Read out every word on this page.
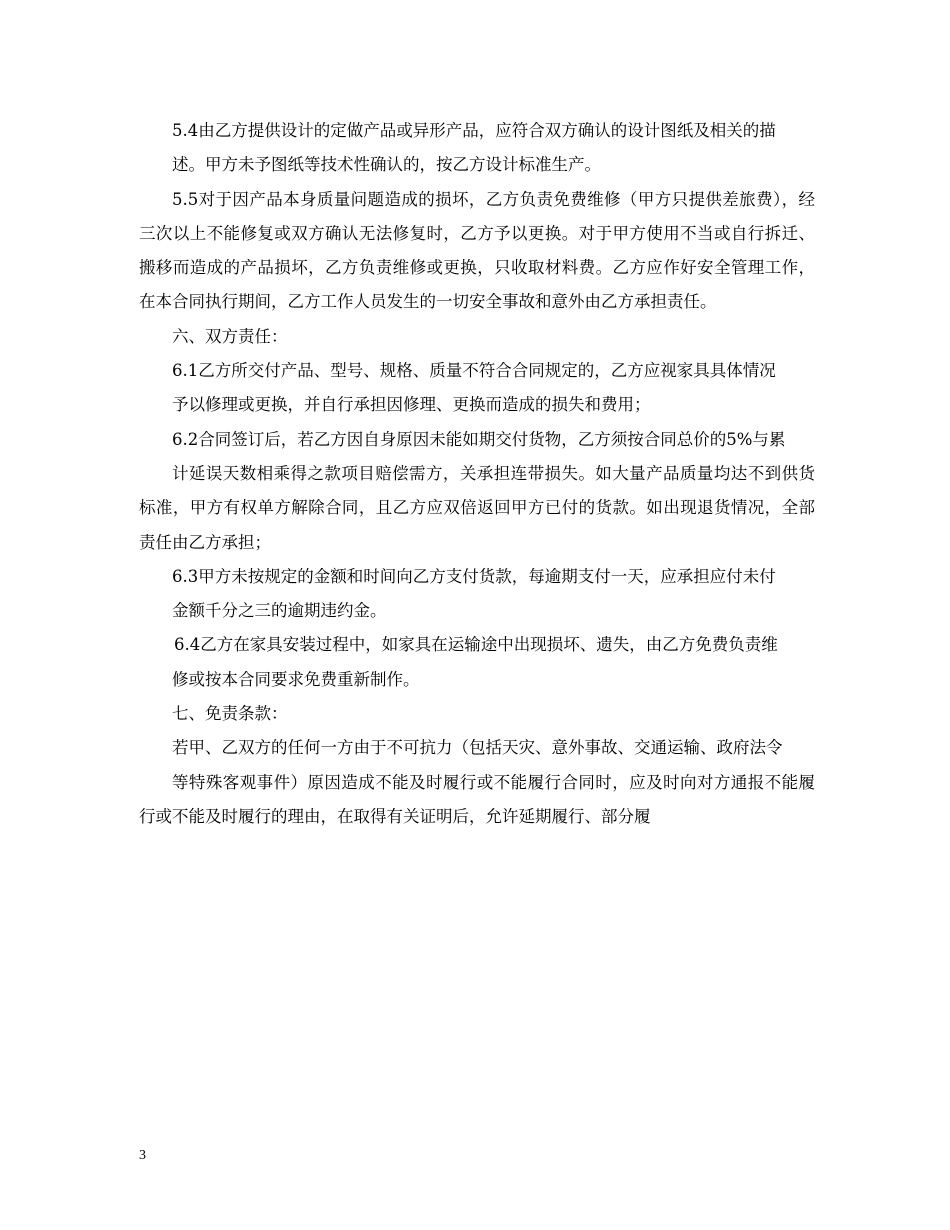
5.4由乙方提供设计的定做产品或异形产品，应符合双方确认的设计图纸及相关的描

述。甲方未予图纸等技术性确认的，按乙方设计标准生产。

5.5对于因产品本身质量问题造成的损坏，乙方负责免费维修（甲方只提供差旅费），经三次以上不能修复或双方确认无法修复时，乙方予以更换。对于甲方使用不当或自行拆迁、搬移而造成的产品损坏，乙方负责维修或更换，只收取材料费。乙方应作好安全管理工作，在本合同执行期间，乙方工作人员发生的一切安全事故和意外由乙方承担责任。

六、双方责任：

6.1乙方所交付产品、型号、规格、质量不符合合同规定的，乙方应视家具具体情况

予以修理或更换，并自行承担因修理、更换而造成的损失和费用；

6.2合同签订后，若乙方因自身原因未能如期交付货物，乙方须按合同总价的5%与累

计延误天数相乘得之款项目赔偿需方，关承担连带损失。如大量产品质量均达不到供货标准，甲方有权单方解除合同，且乙方应双倍返回甲方已付的货款。如出现退货情况，全部责任由乙方承担；

6.3甲方未按规定的金额和时间向乙方支付货款，每逾期支付一天，应承担应付未付

金额千分之三的逾期违约金。

6.4乙方在家具安装过程中，如家具在运输途中出现损坏、遗失，由乙方免费负责维

修或按本合同要求免费重新制作。

七、免责条款：

若甲、乙双方的任何一方由于不可抗力（包括天灾、意外事故、交通运输、政府法令

等特殊客观事件）原因造成不能及时履行或不能履行合同时，应及时向对方通报不能履行或不能及时履行的理由，在取得有关证明后，允许延期履行、部分履

3
